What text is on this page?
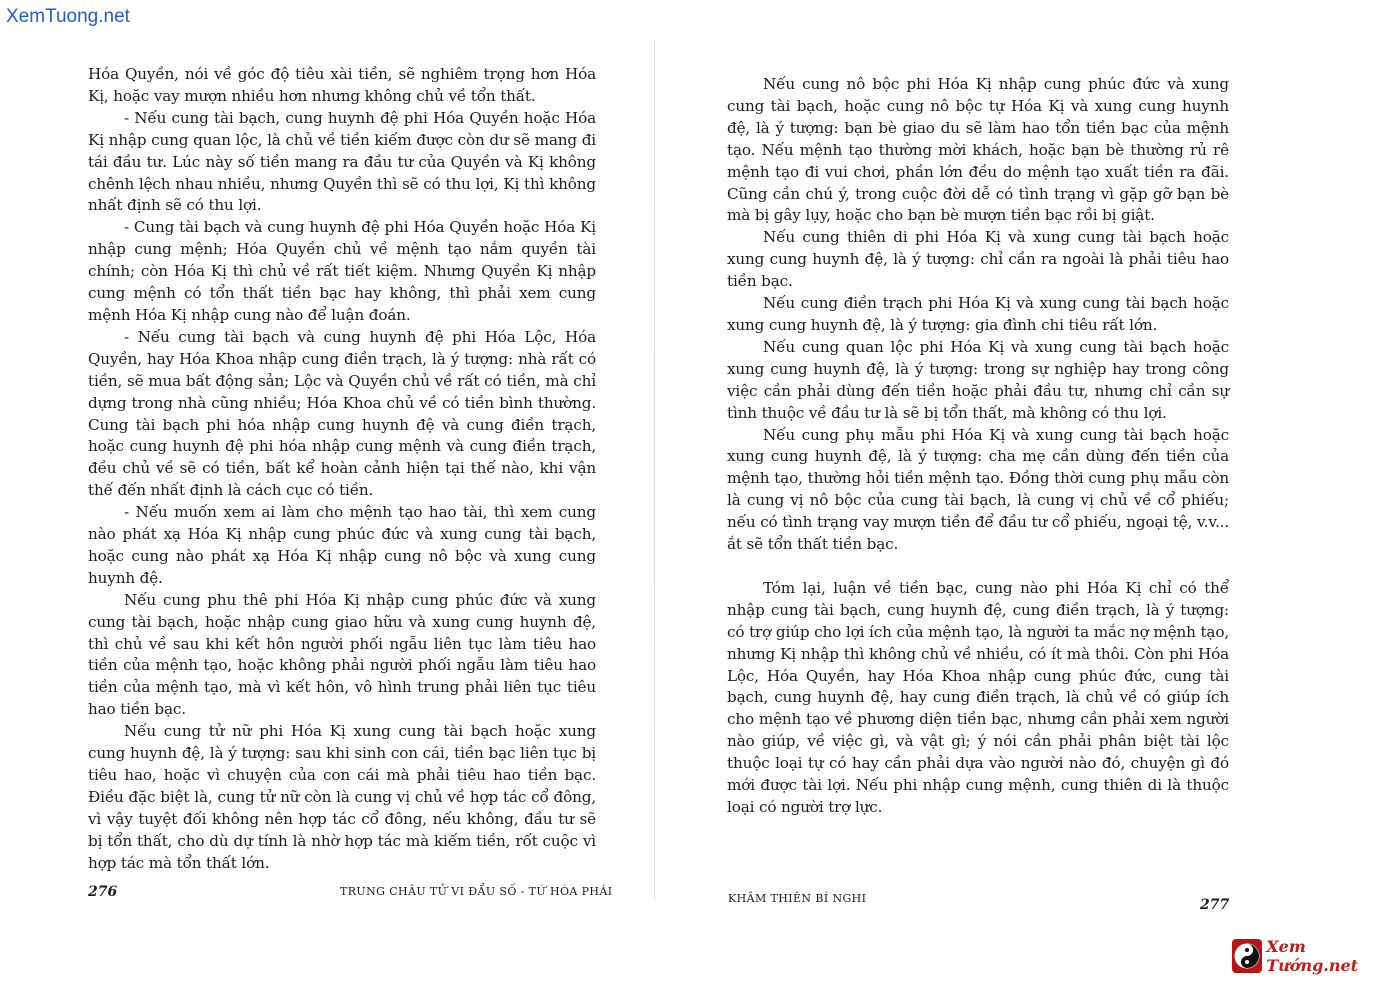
XemTuong.net

Hóa Quyền, nói về góc độ tiêu xài tiền, sẽ nghiêm trọng hơn Hóa Kị, hoặc vay mượn nhiều hơn nhưng không chủ về tổn thất.

- Nếu cung tài bạch, cung huynh đệ phi Hóa Quyền hoặc Hóa Kị nhập cung quan lộc, là chủ về tiền kiếm được còn dư sẽ mang đi tái đầu tư. Lúc này số tiền mang ra đầu tư của Quyền và Kị không chênh lệch nhau nhiều, nhưng Quyền thì sẽ có thu lợi, Kị thì không nhất định sẽ có thu lợi.

- Cung tài bạch và cung huynh đệ phi Hóa Quyền hoặc Hóa Kị nhập cung mệnh; Hóa Quyền chủ về mệnh tạo nắm quyền tài chính; còn Hóa Kị thì chủ về rất tiết kiệm. Nhưng Quyền Kị nhập cung mệnh có tổn thất tiền bạc hay không, thì phải xem cung mệnh Hóa Kị nhập cung nào để luận đoán.

- Nếu cung tài bạch và cung huynh đệ phi Hóa Lộc, Hóa Quyền, hay Hóa Khoa nhập cung điền trạch, là ý tượng: nhà rất có tiền, sẽ mua bất động sản; Lộc và Quyền chủ về rất có tiền, mà chỉ dựng trong nhà cũng nhiều; Hóa Khoa chủ về có tiền bình thường. Cung tài bạch phi hóa nhập cung huynh đệ và cung điền trạch, hoặc cung huynh đệ phi hóa nhập cung mệnh và cung điền trạch, đều chủ về sẽ có tiền, bất kể hoàn cảnh hiện tại thế nào, khi vận thế đến nhất định là cách cục có tiền.

- Nếu muốn xem ai làm cho mệnh tạo hao tài, thì xem cung nào phát xạ Hóa Kị nhập cung phúc đức và xung cung tài bạch, hoặc cung nào phát xạ Hóa Kị nhập cung nô bộc và xung cung huynh đệ.

Nếu cung phu thê phi Hóa Kị nhập cung phúc đức và xung cung tài bạch, hoặc nhập cung giao hữu và xung cung huynh đệ, thì chủ về sau khi kết hôn người phối ngẫu liên tục làm tiêu hao tiền của mệnh tạo, hoặc không phải người phối ngẫu làm tiêu hao tiền của mệnh tạo, mà vì kết hôn, vô hình trung phải liên tục tiêu hao tiền bạc.

Nếu cung tử nữ phi Hóa Kị xung cung tài bạch hoặc xung cung huynh đệ, là ý tượng: sau khi sinh con cái, tiền bạc liên tục bị tiêu hao, hoặc vì chuyện của con cái mà phải tiêu hao tiền bạc. Điều đặc biệt là, cung tử nữ còn là cung vị chủ về hợp tác cổ đông, vì vậy tuyệt đối không nên hợp tác cổ đông, nếu không, đầu tư sẽ bị tổn thất, cho dù dự tính là nhờ hợp tác mà kiếm tiền, rốt cuộc vì hợp tác mà tổn thất lớn.

276	TRUNG CHÂU TỬ VI ĐẨU SỐ - TỨ HÓA PHÁI

Nếu cung nô bộc phi Hóa Kị nhập cung phúc đức và xung cung tài bạch, hoặc cung nô bộc tự Hóa Kị và xung cung huynh đệ, là ý tượng: bạn bè giao du sẽ làm hao tổn tiền bạc của mệnh tạo. Nếu mệnh tạo thường mời khách, hoặc bạn bè thường rủ rê mệnh tạo đi vui chơi, phần lớn đều do mệnh tạo xuất tiền ra đãi. Cũng cần chú ý, trong cuộc đời dễ có tình trạng vì gặp gỡ bạn bè mà bị gây lụy, hoặc cho bạn bè mượn tiền bạc rồi bị giật.

Nếu cung thiên di phi Hóa Kị và xung cung tài bạch hoặc xung cung huynh đệ, là ý tượng: chỉ cần ra ngoài là phải tiêu hao tiền bạc.

Nếu cung điền trạch phi Hóa Kị và xung cung tài bạch hoặc xung cung huynh đệ, là ý tượng: gia đình chi tiêu rất lớn.

Nếu cung quan lộc phi Hóa Kị và xung cung tài bạch hoặc xung cung huynh đệ, là ý tượng: trong sự nghiệp hay trong công việc cần phải dùng đến tiền hoặc phải đầu tư, nhưng chỉ cần sự tình thuộc về đầu tư là sẽ bị tổn thất, mà không có thu lợi.

Nếu cung phụ mẫu phi Hóa Kị và xung cung tài bạch hoặc xung cung huynh đệ, là ý tượng: cha mẹ cần dùng đến tiền của mệnh tạo, thường hỏi tiền mệnh tạo. Đồng thời cung phụ mẫu còn là cung vị nô bộc của cung tài bạch, là cung vị chủ về cổ phiếu; nếu có tình trạng vay mượn tiền để đầu tư cổ phiếu, ngoại tệ, v.v... ắt sẽ tổn thất tiền bạc.

Tóm lại, luận về tiền bạc, cung nào phi Hóa Kị chỉ có thể nhập cung tài bạch, cung huynh đệ, cung điền trạch, là ý tượng: có trợ giúp cho lợi ích của mệnh tạo, là người ta mắc nợ mệnh tạo, nhưng Kị nhập thì không chủ về nhiều, có ít mà thôi. Còn phi Hóa Lộc, Hóa Quyền, hay Hóa Khoa nhập cung phúc đức, cung tài bạch, cung huynh đệ, hay cung điền trạch, là chủ về có giúp ích cho mệnh tạo về phương diện tiền bạc, nhưng cần phải xem người nào giúp, về việc gì, và vật gì; ý nói cần phải phân biệt tài lộc thuộc loại tự có hay cần phải dựa vào người nào đó, chuyện gì đó mới được tài lợi. Nếu phi nhập cung mệnh, cung thiên di là thuộc loại có người trợ lực.

KHÂM THIÊN BÍ NGHI	277
Xem Tướng.net
